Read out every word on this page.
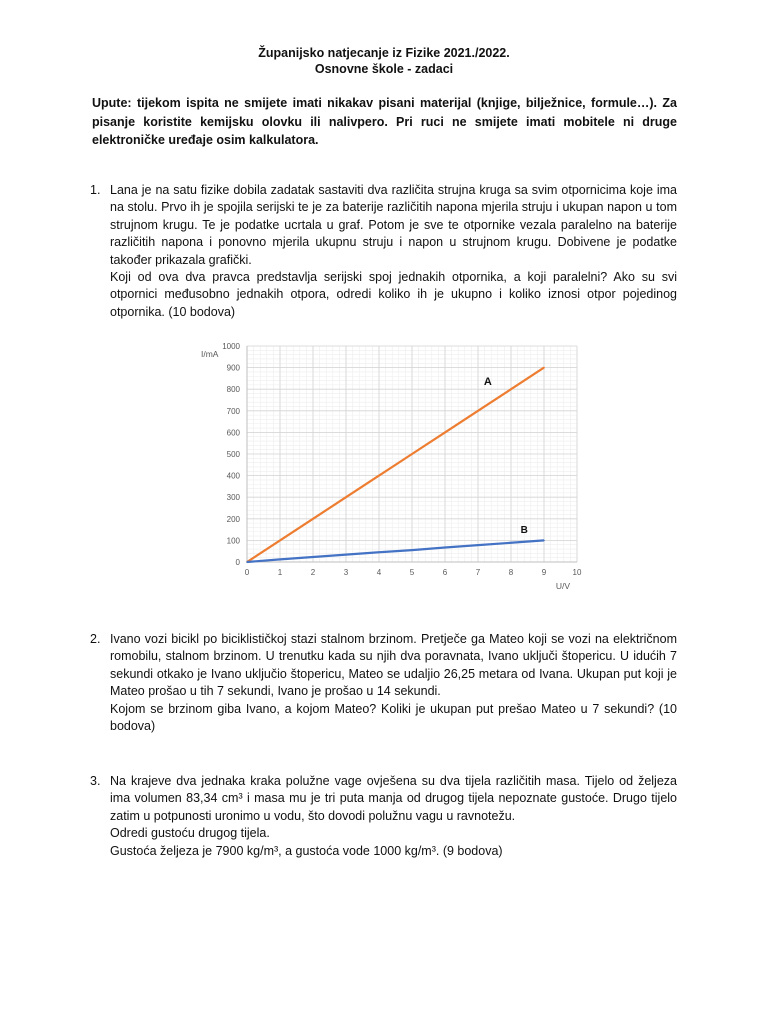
Županijsko natjecanje iz Fizike 2021./2022.
Osnovne škole - zadaci

Upute: tijekom ispita ne smijete imati nikakav pisani materijal (knjige, bilježnice, formule…). Za pisanje koristite kemijsku olovku ili nalivpero. Pri ruci ne smijete imati mobitele ni druge elektroničke uređaje osim kalkulatora.

1. Lana je na satu fizike dobila zadatak sastaviti dva različita strujna kruga sa svim otpornicima koje ima na stolu. Prvo ih je spojila serijski te je za baterije različitih napona mjerila struju i ukupan napon u tom strujnom krugu. Te je podatke ucrtala u graf. Potom je sve te otpornike vezala paralelno na baterije različitih napona i ponovno mjerila ukupnu struju i napon u strujnom krugu. Dobivene je podatke također prikazala grafički.

Koji od ova dva pravca predstavlja serijski spoj jednakih otpornika, a koji paralelni? Ako su svi otpornici međusobno jednakih otpora, odredi koliko ih je ukupno i koliko iznosi otpor pojedinog otpornika. (10 bodova)

0	1	2	3	4	5	6	7	8	9	10
0
100
200
300
400
500
600
700
800
900
1000
I/mA
U/V
A
B
2. Ivano vozi bicikl po biciklističkoj stazi stalnom brzinom. Pretječe ga Mateo koji se vozi na električnom romobilu, stalnom brzinom. U trenutku kada su njih dva poravnata, Ivano uključi štopericu. U idućih 7 sekundi otkako je Ivano uključio štopericu, Mateo se udaljio 26,25 metara od Ivana. Ukupan put koji je Mateo prošao u tih 7 sekundi, Ivano je prošao u 14 sekundi.

Kojom se brzinom giba Ivano, a kojom Mateo? Koliki je ukupan put prešao Mateo u 7 sekundi? (10 bodova)

3. Na krajeve dva jednaka kraka polužne vage ovješena su dva tijela različitih masa. Tijelo od željeza ima volumen 83,34 cm³ i masa mu je tri puta manja od drugog tijela nepoznate gustoće. Drugo tijelo zatim u potpunosti uronimo u vodu, što dovodi polužnu vagu u ravnotežu.

Odredi gustoću drugog tijela.

Gustoća željeza je 7900 kg/m³, a gustoća vode 1000 kg/m³. (9 bodova)
